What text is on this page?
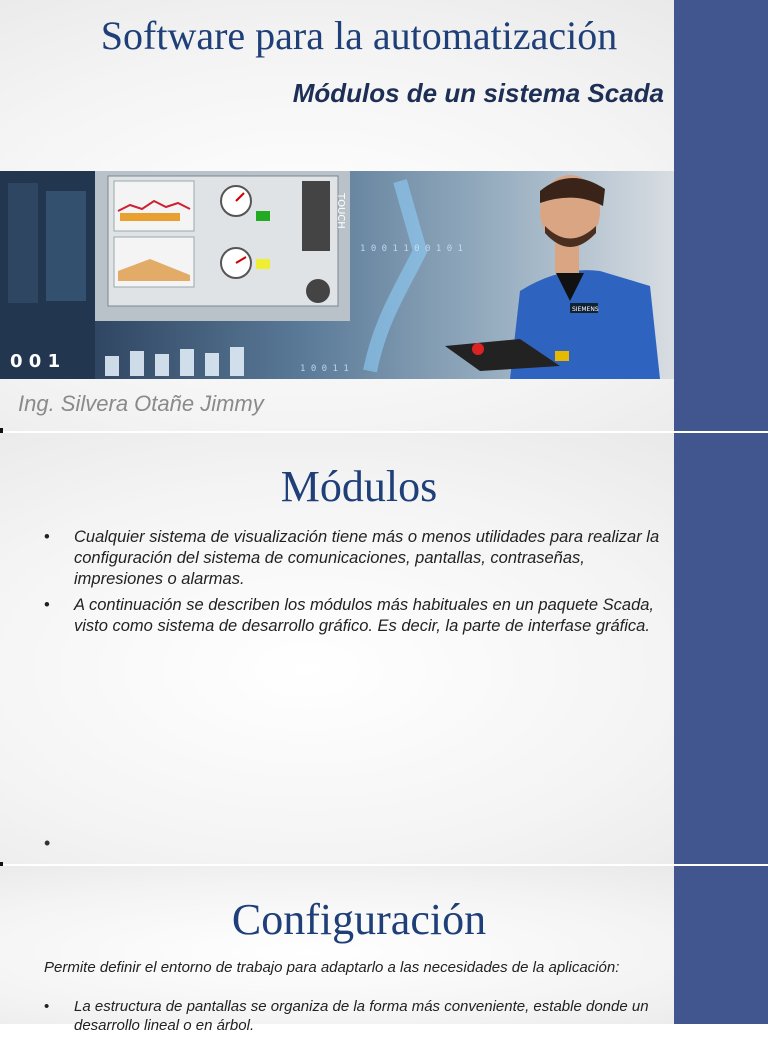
Software para la automatización
Módulos de un sistema Scada
TOUCH
1 0 0 1 1 0 0 1 0 1
1 0 0 1 1
0 0 1
SIEMENS
Ing. Silvera Otañe Jimmy
Módulos
• Cualquier sistema de visualización tiene más o menos utilidades para realizar la configuración del sistema de comunicaciones, pantallas, contraseñas, impresiones o alarmas.
• A continuación se describen los módulos más habituales en un paquete Scada, visto como sistema de desarrollo gráfico. Es decir, la parte de interfase gráfica.
•
Configuración
Permite definir el entorno de trabajo para adaptarlo a las necesidades de la aplicación:
• La estructura de pantallas se organiza de la forma más conveniente, estable donde un desarrollo lineal o en árbol.
